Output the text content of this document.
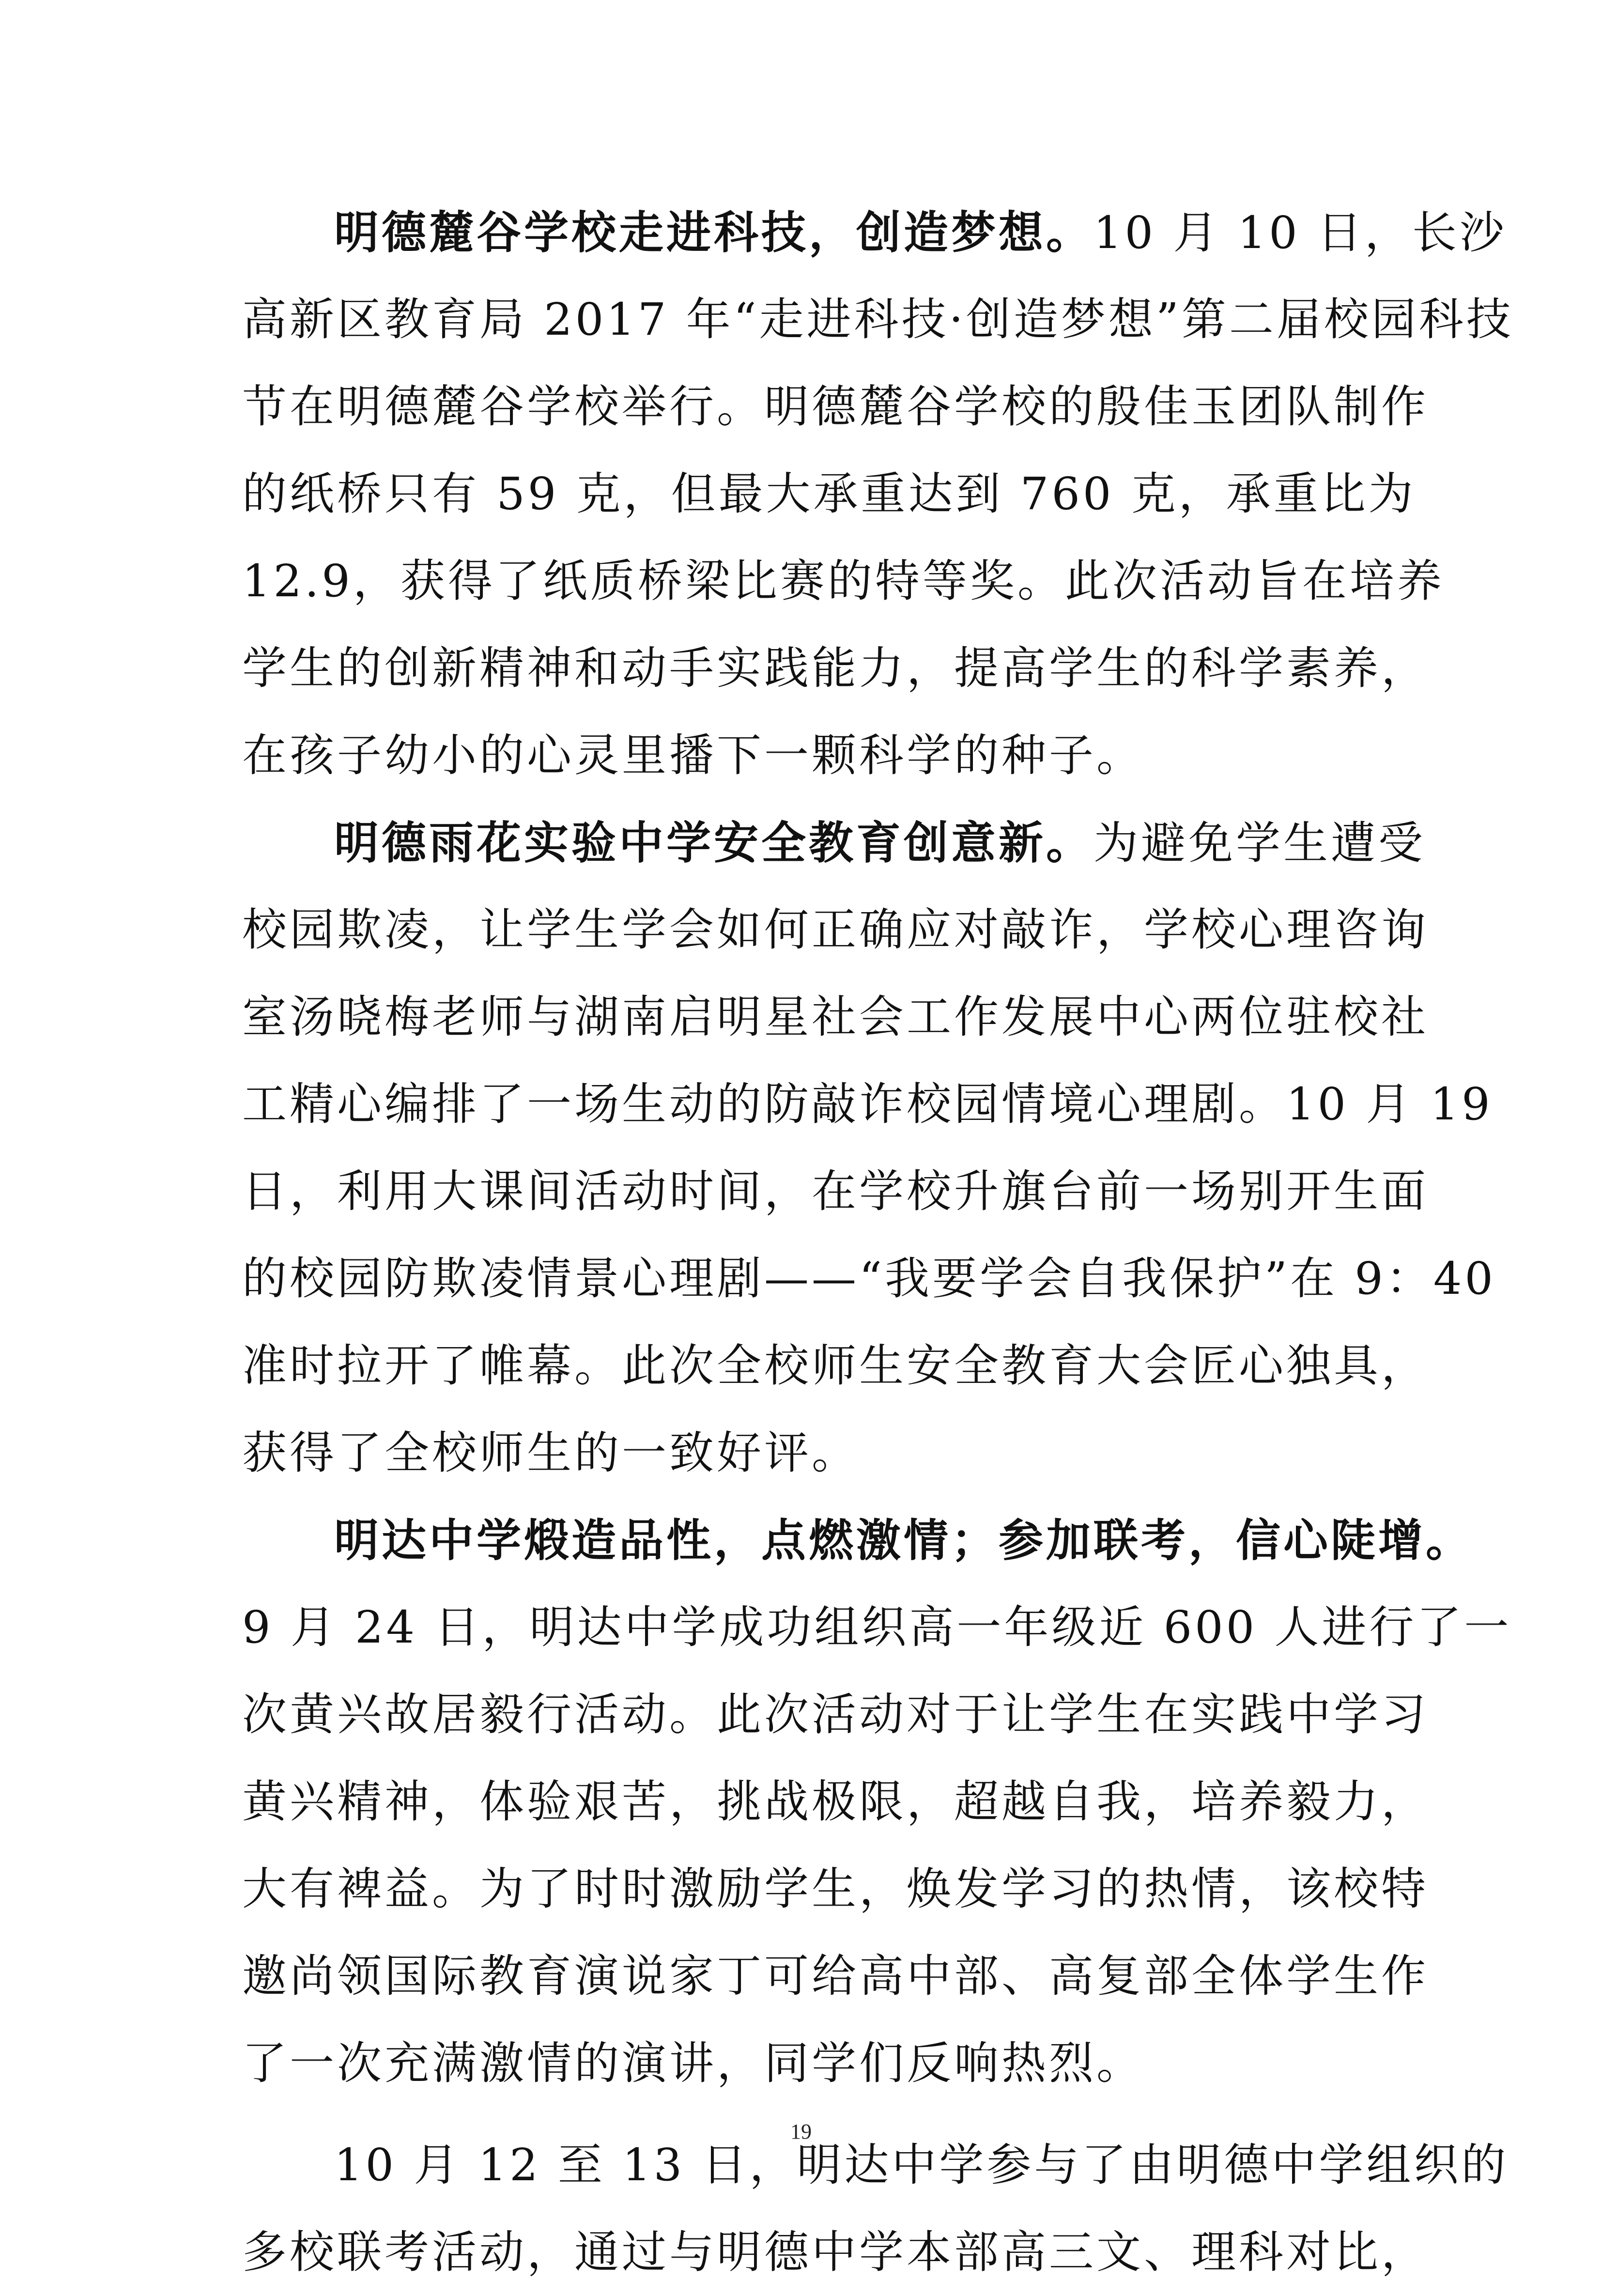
明德麓谷学校走进科技，创造梦想。10 月 10 日，长沙
高新区教育局 2017 年“走进科技·创造梦想”第二届校园科技
节在明德麓谷学校举行。明德麓谷学校的殷佳玉团队制作
的纸桥只有 59 克，但最大承重达到 760 克，承重比为
12.9，获得了纸质桥梁比赛的特等奖。此次活动旨在培养
学生的创新精神和动手实践能力，提高学生的科学素养，
在孩子幼小的心灵里播下一颗科学的种子。
明德雨花实验中学安全教育创意新。为避免学生遭受
校园欺凌，让学生学会如何正确应对敲诈，学校心理咨询
室汤晓梅老师与湖南启明星社会工作发展中心两位驻校社
工精心编排了一场生动的防敲诈校园情境心理剧。10 月 19
日，利用大课间活动时间，在学校升旗台前一场别开生面
的校园防欺凌情景心理剧——“我要学会自我保护”在 9：40
准时拉开了帷幕。此次全校师生安全教育大会匠心独具，
获得了全校师生的一致好评。
明达中学煅造品性，点燃激情；参加联考，信心陡增。
9 月 24 日，明达中学成功组织高一年级近 600 人进行了一
次黄兴故居毅行活动。此次活动对于让学生在实践中学习
黄兴精神，体验艰苦，挑战极限，超越自我，培养毅力，
大有裨益。为了时时激励学生，焕发学习的热情，该校特
邀尚领国际教育演说家丁可给高中部、高复部全体学生作
了一次充满激情的演讲，同学们反响热烈。
10 月 12 至 13 日，明达中学参与了由明德中学组织的
多校联考活动，通过与明德中学本部高三文、理科对比，
19
